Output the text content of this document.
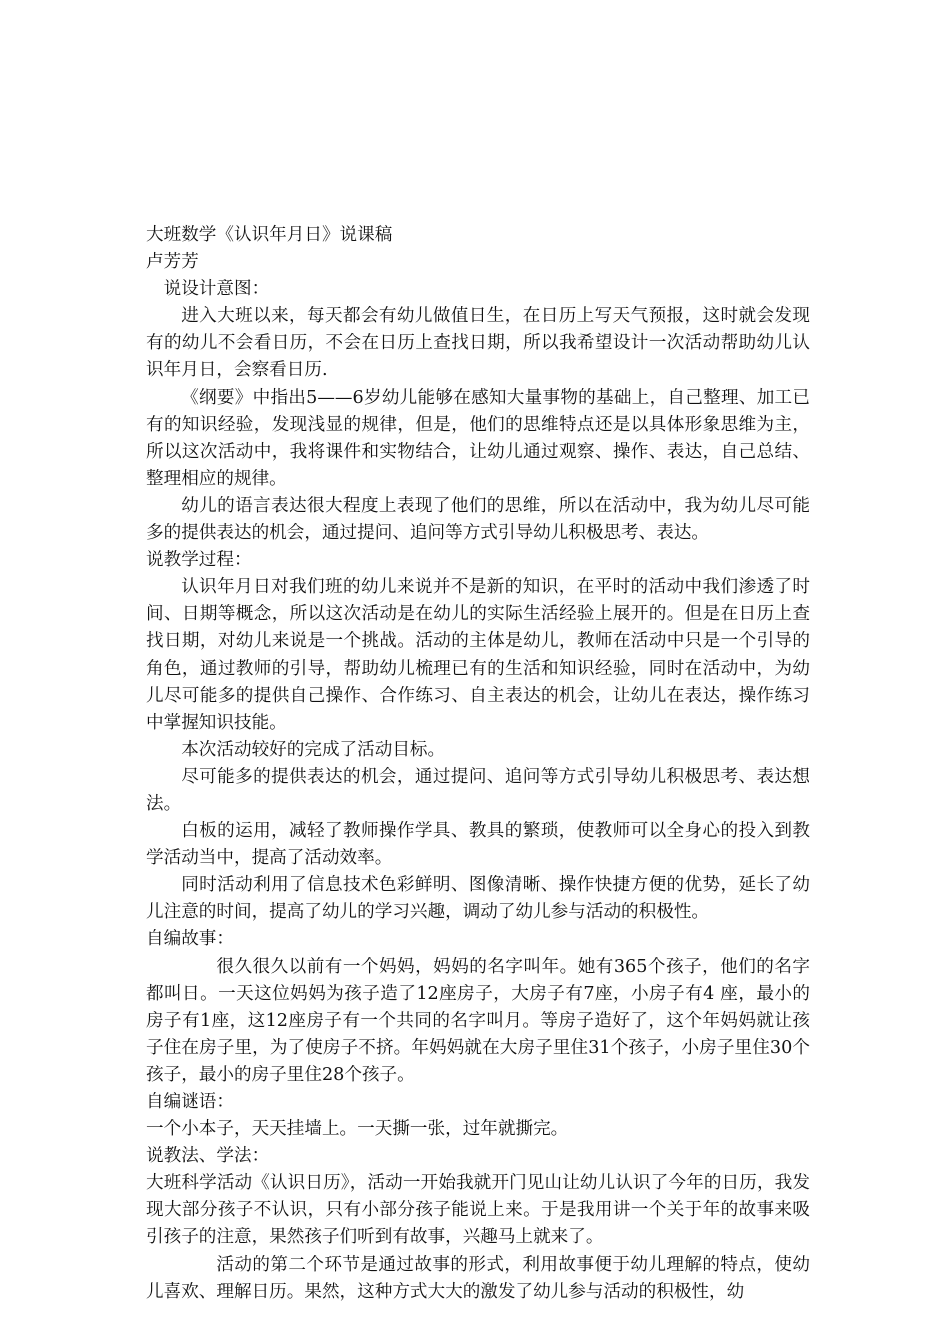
大班数学《认识年月日》说课稿
卢芳芳
说设计意图：

进入大班以来，每天都会有幼儿做值日生，在日历上写天气预报，这时就会发现有的幼儿不会看日历，不会在日历上查找日期，所以我希望设计一次活动帮助幼儿认识年月日，会察看日历.

《纲要》中指出5——6岁幼儿能够在感知大量事物的基础上，自己整理、加工已有的知识经验，发现浅显的规律，但是，他们的思维特点还是以具体形象思维为主，所以这次活动中，我将课件和实物结合，让幼儿通过观察、操作、表达，自己总结、整理相应的规律。

幼儿的语言表达很大程度上表现了他们的思维，所以在活动中，我为幼儿尽可能多的提供表达的机会，通过提问、追问等方式引导幼儿积极思考、表达。

说教学过程：

认识年月日对我们班的幼儿来说并不是新的知识，在平时的活动中我们渗透了时间、日期等概念，所以这次活动是在幼儿的实际生活经验上展开的。但是在日历上查找日期，对幼儿来说是一个挑战。活动的主体是幼儿，教师在活动中只是一个引导的角色，通过教师的引导，帮助幼儿梳理已有的生活和知识经验，同时在活动中，为幼儿尽可能多的提供自己操作、合作练习、自主表达的机会，让幼儿在表达，操作练习中掌握知识技能。

本次活动较好的完成了活动目标。

尽可能多的提供表达的机会，通过提问、追问等方式引导幼儿积极思考、表达想法。

白板的运用，减轻了教师操作学具、教具的繁琐，使教师可以全身心的投入到教学活动当中，提高了活动效率。

同时活动利用了信息技术色彩鲜明、图像清晰、操作快捷方便的优势，延长了幼儿注意的时间，提高了幼儿的学习兴趣，调动了幼儿参与活动的积极性。

自编故事：

很久很久以前有一个妈妈，妈妈的名字叫年。她有365个孩子，他们的名字都叫日。一天这位妈妈为孩子造了12座房子，大房子有7座，小房子有4 座，最小的房子有1座，这12座房子有一个共同的名字叫月。等房子造好了，这个年妈妈就让孩子住在房子里，为了使房子不挤。年妈妈就在大房子里住31个孩子，小房子里住30个孩子，最小的房子里住28个孩子。

自编谜语：

一个小本子，天天挂墙上。一天撕一张，过年就撕完。

说教法、学法：

大班科学活动《认识日历》，活动一开始我就开门见山让幼儿认识了今年的日历，我发现大部分孩子不认识，只有小部分孩子能说上来。于是我用讲一个关于年的故事来吸引孩子的注意，果然孩子们听到有故事，兴趣马上就来了。

活动的第二个环节是通过故事的形式，利用故事便于幼儿理解的特点，使幼儿喜欢、理解日历。果然，这种方式大大的激发了幼儿参与活动的积极性，幼
